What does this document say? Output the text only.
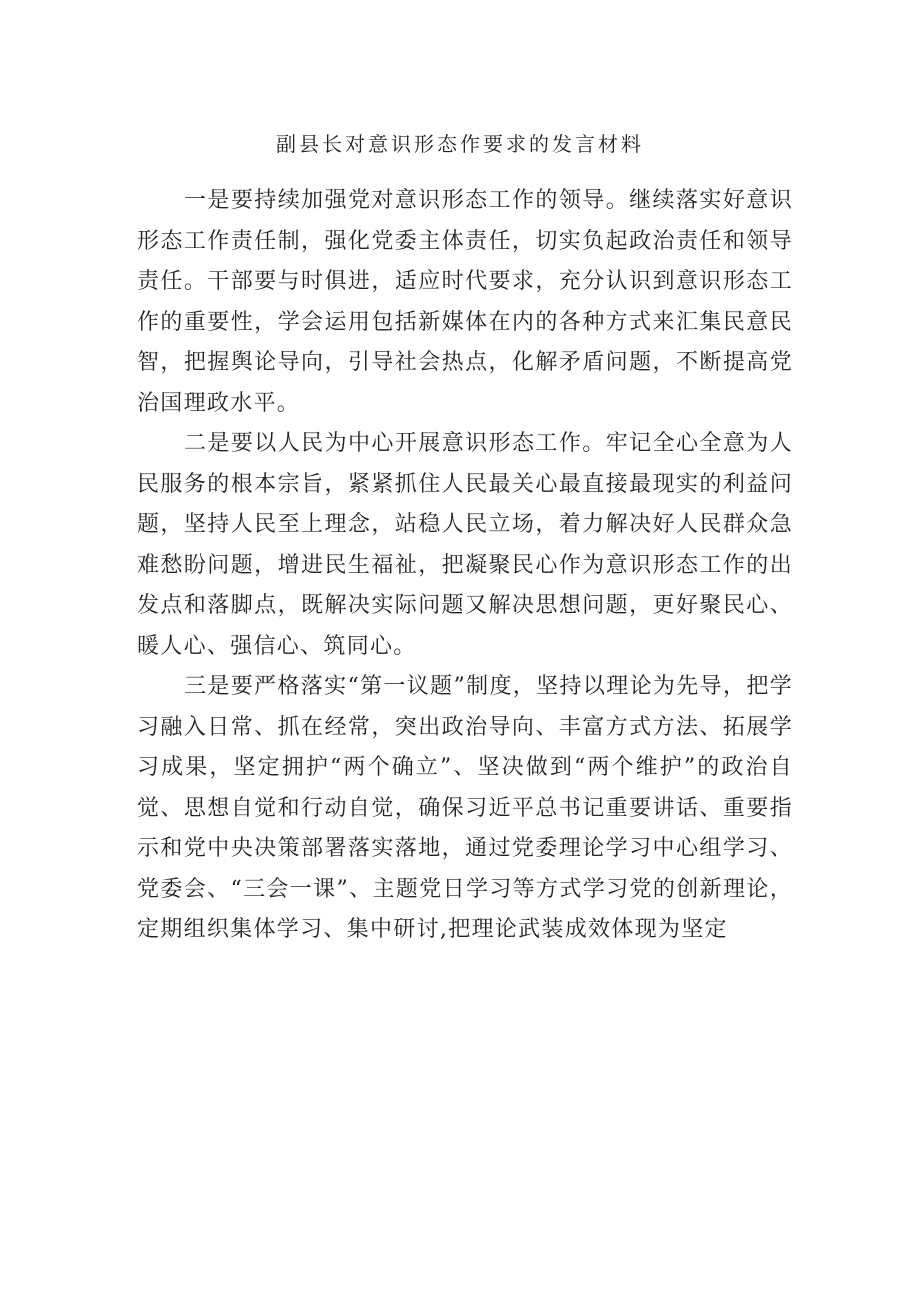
副县长对意识形态作要求的发言材料

一是要持续加强党对意识形态工作的领导。继续落实好意识形态工作责任制，强化党委主体责任，切实负起政治责任和领导责任。干部要与时俱进，适应时代要求，充分认识到意识形态工作的重要性，学会运用包括新媒体在内的各种方式来汇集民意民智，把握舆论导向，引导社会热点，化解矛盾问题，不断提高党治国理政水平。

二是要以人民为中心开展意识形态工作。牢记全心全意为人民服务的根本宗旨，紧紧抓住人民最关心最直接最现实的利益问题，坚持人民至上理念，站稳人民立场，着力解决好人民群众急难愁盼问题，增进民生福祉，把凝聚民心作为意识形态工作的出发点和落脚点，既解决实际问题又解决思想问题，更好聚民心、暖人心、强信心、筑同心。

三是要严格落实“第一议题”制度，坚持以理论为先导，把学习融入日常、抓在经常，突出政治导向、丰富方式方法、拓展学习成果，坚定拥护“两个确立”、坚决做到“两个维护”的政治自觉、思想自觉和行动自觉，确保习近平总书记重要讲话、重要指示和党中央决策部署落实落地，通过党委理论学习中心组学习、党委会、“三会一课”、主题党日学习等方式学习党的创新理论，定期组织集体学习、集中研讨,把理论武装成效体现为坚定
